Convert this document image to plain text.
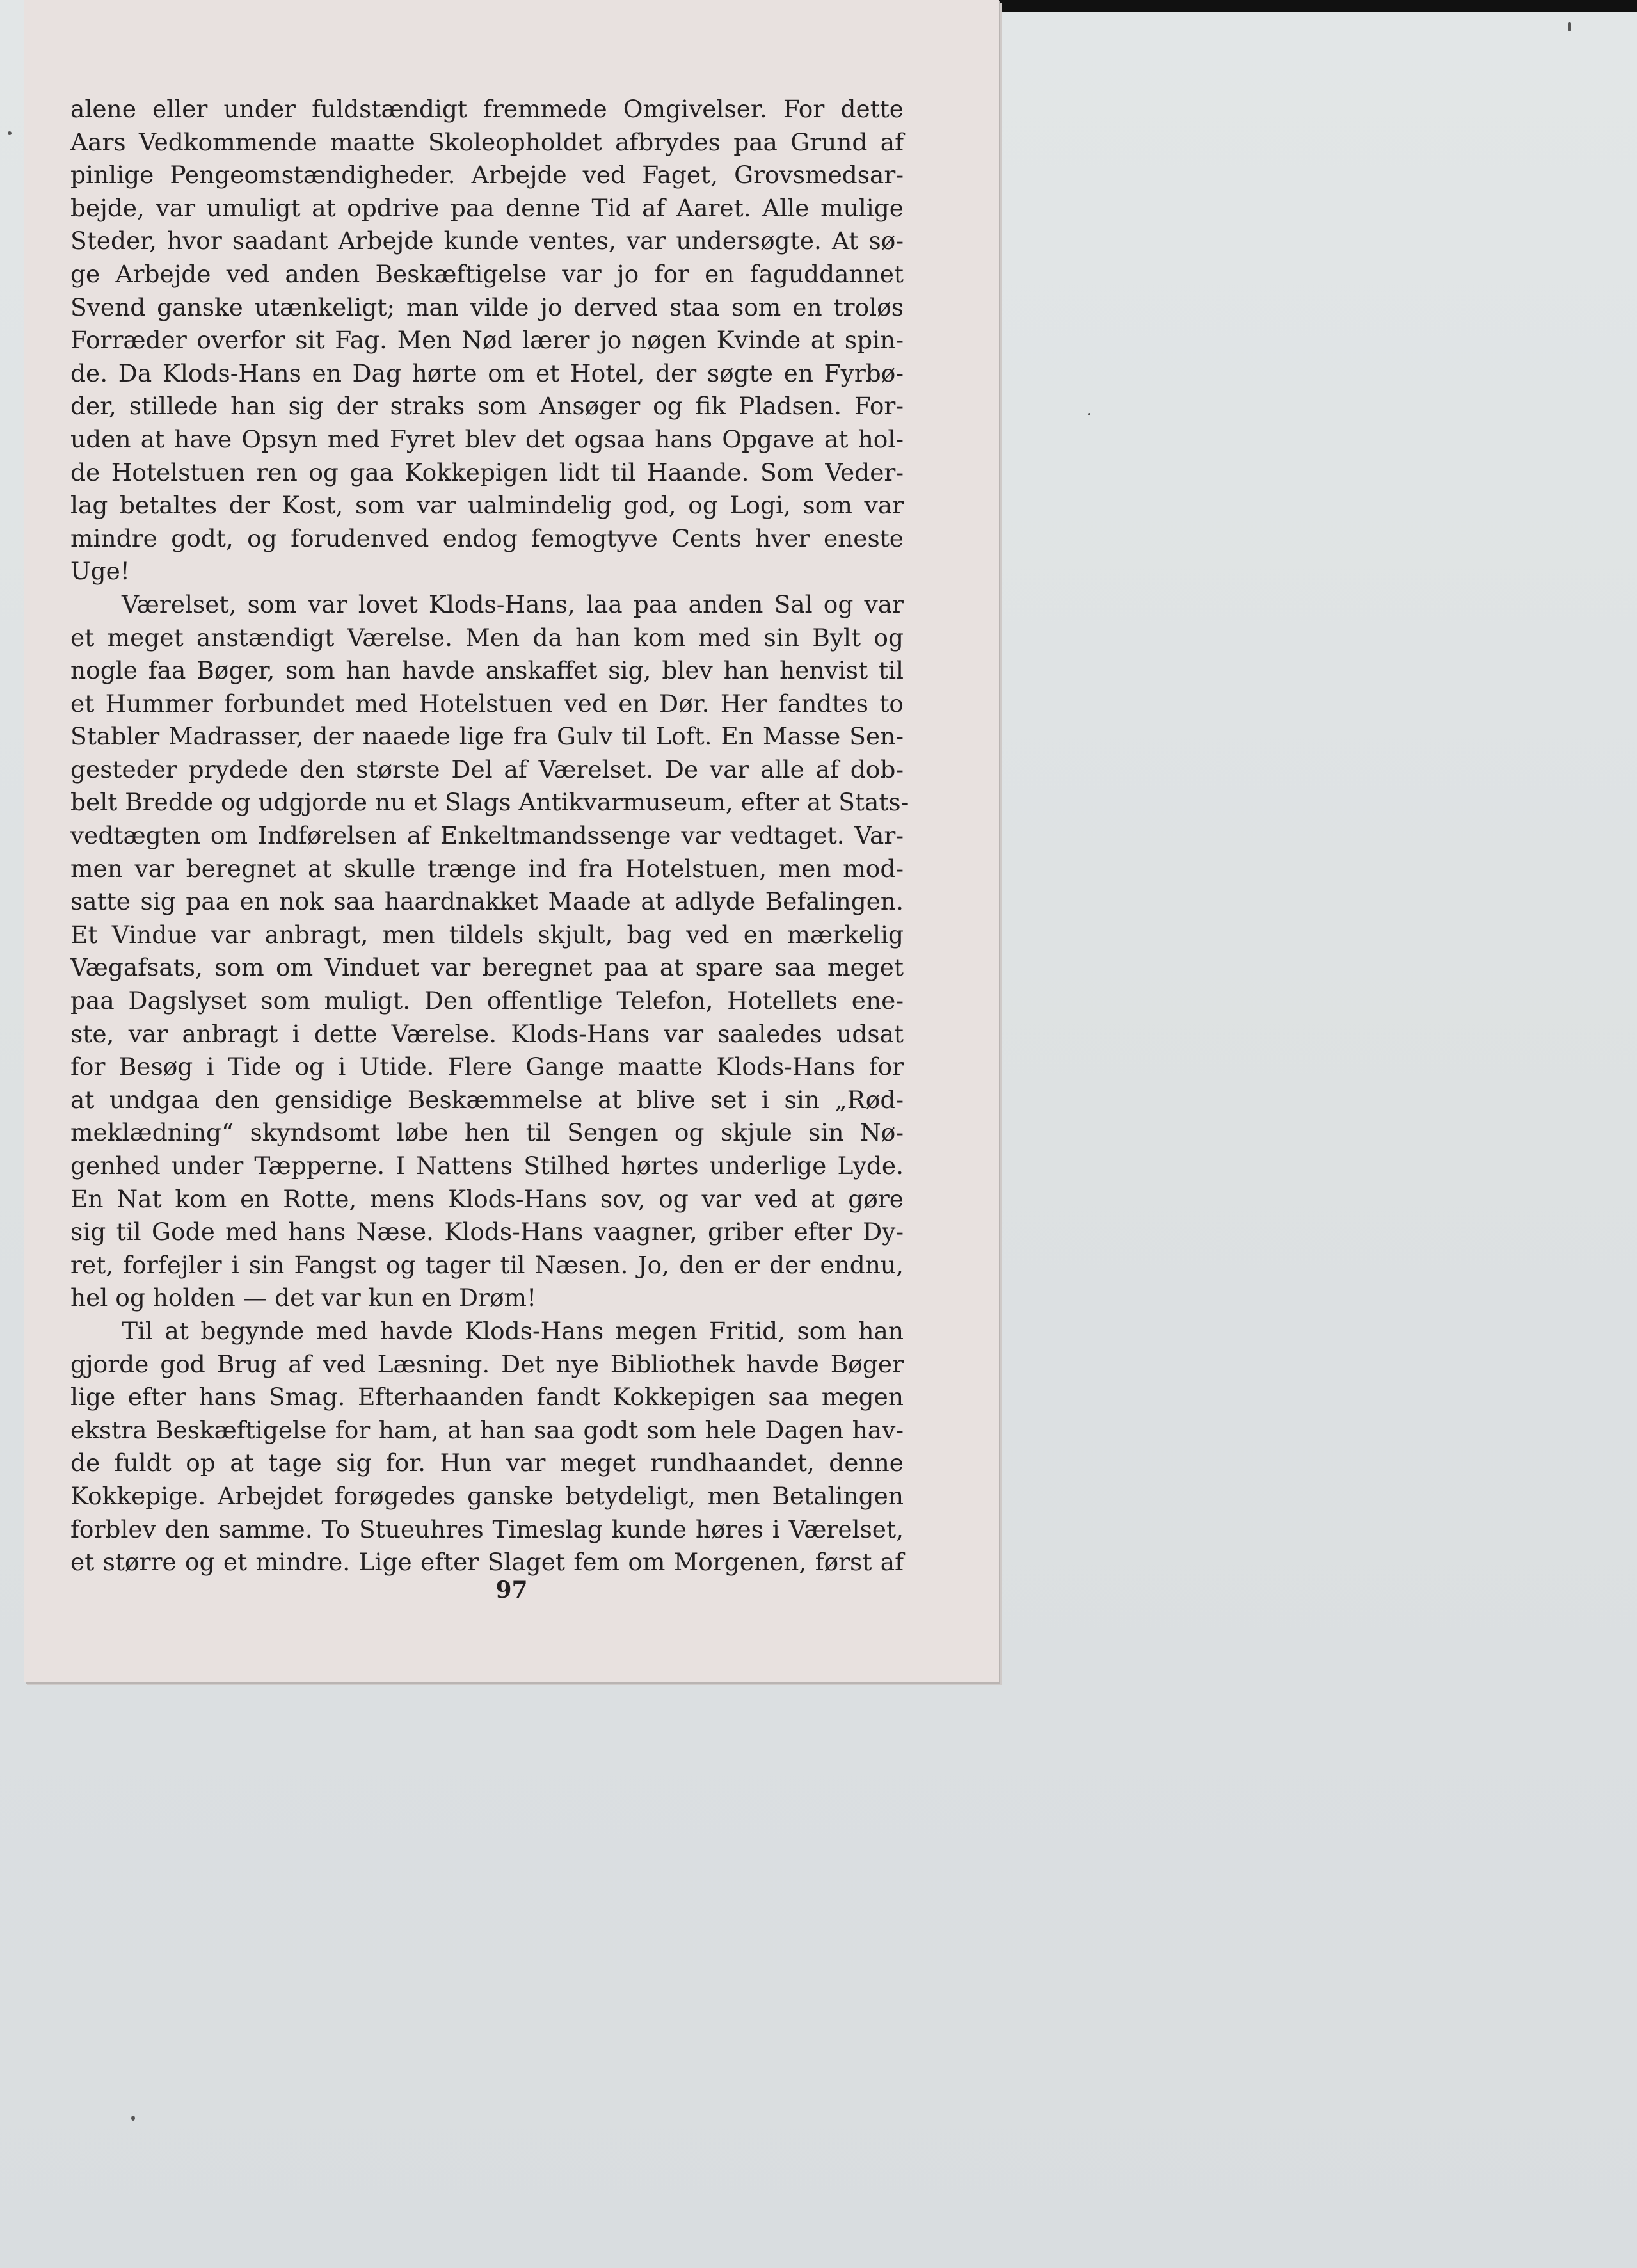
alene eller under fuldstændigt fremmede Omgivelser. For dette
Aars Vedkommende maatte Skoleopholdet afbrydes paa Grund af
pinlige Pengeomstændigheder. Arbejde ved Faget, Grovsmedsar-
bejde, var umuligt at opdrive paa denne Tid af Aaret. Alle mulige
Steder, hvor saadant Arbejde kunde ventes, var undersøgte. At sø-
ge Arbejde ved anden Beskæftigelse var jo for en faguddannet
Svend ganske utænkeligt; man vilde jo derved staa som en troløs
Forræder overfor sit Fag. Men Nød lærer jo nøgen Kvinde at spin-
de. Da Klods-Hans en Dag hørte om et Hotel, der søgte en Fyrbø-
der, stillede han sig der straks som Ansøger og fik Pladsen. For-
uden at have Opsyn med Fyret blev det ogsaa hans Opgave at hol-
de Hotelstuen ren og gaa Kokkepigen lidt til Haande. Som Veder-
lag betaltes der Kost, som var ualmindelig god, og Logi, som var
mindre godt, og forudenved endog femogtyve Cents hver eneste
Uge!
Værelset, som var lovet Klods-Hans, laa paa anden Sal og var
et meget anstændigt Værelse. Men da han kom med sin Bylt og
nogle faa Bøger, som han havde anskaffet sig, blev han henvist til
et Hummer forbundet med Hotelstuen ved en Dør. Her fandtes to
Stabler Madrasser, der naaede lige fra Gulv til Loft. En Masse Sen-
gesteder prydede den største Del af Værelset. De var alle af dob-
belt Bredde og udgjorde nu et Slags Antikvarmuseum, efter at Stats-
vedtægten om Indførelsen af Enkeltmandssenge var vedtaget. Var-
men var beregnet at skulle trænge ind fra Hotelstuen, men mod-
satte sig paa en nok saa haardnakket Maade at adlyde Befalingen.
Et Vindue var anbragt, men tildels skjult, bag ved en mærkelig
Vægafsats, som om Vinduet var beregnet paa at spare saa meget
paa Dagslyset som muligt. Den offentlige Telefon, Hotellets ene-
ste, var anbragt i dette Værelse. Klods-Hans var saaledes udsat
for Besøg i Tide og i Utide. Flere Gange maatte Klods-Hans for
at undgaa den gensidige Beskæmmelse at blive set i sin „Rød-
meklædning“ skyndsomt løbe hen til Sengen og skjule sin Nø-
genhed under Tæpperne. I Nattens Stilhed hørtes underlige Lyde.
En Nat kom en Rotte, mens Klods-Hans sov, og var ved at gøre
sig til Gode med hans Næse. Klods-Hans vaagner, griber efter Dy-
ret, forfejler i sin Fangst og tager til Næsen. Jo, den er der endnu,
hel og holden — det var kun en Drøm!
Til at begynde med havde Klods-Hans megen Fritid, som han
gjorde god Brug af ved Læsning. Det nye Bibliothek havde Bøger
lige efter hans Smag. Efterhaanden fandt Kokkepigen saa megen
ekstra Beskæftigelse for ham, at han saa godt som hele Dagen hav-
de fuldt op at tage sig for. Hun var meget rundhaandet, denne
Kokkepige. Arbejdet forøgedes ganske betydeligt, men Betalingen
forblev den samme. To Stueuhres Timeslag kunde høres i Værelset,
et større og et mindre. Lige efter Slaget fem om Morgenen, først af
97
